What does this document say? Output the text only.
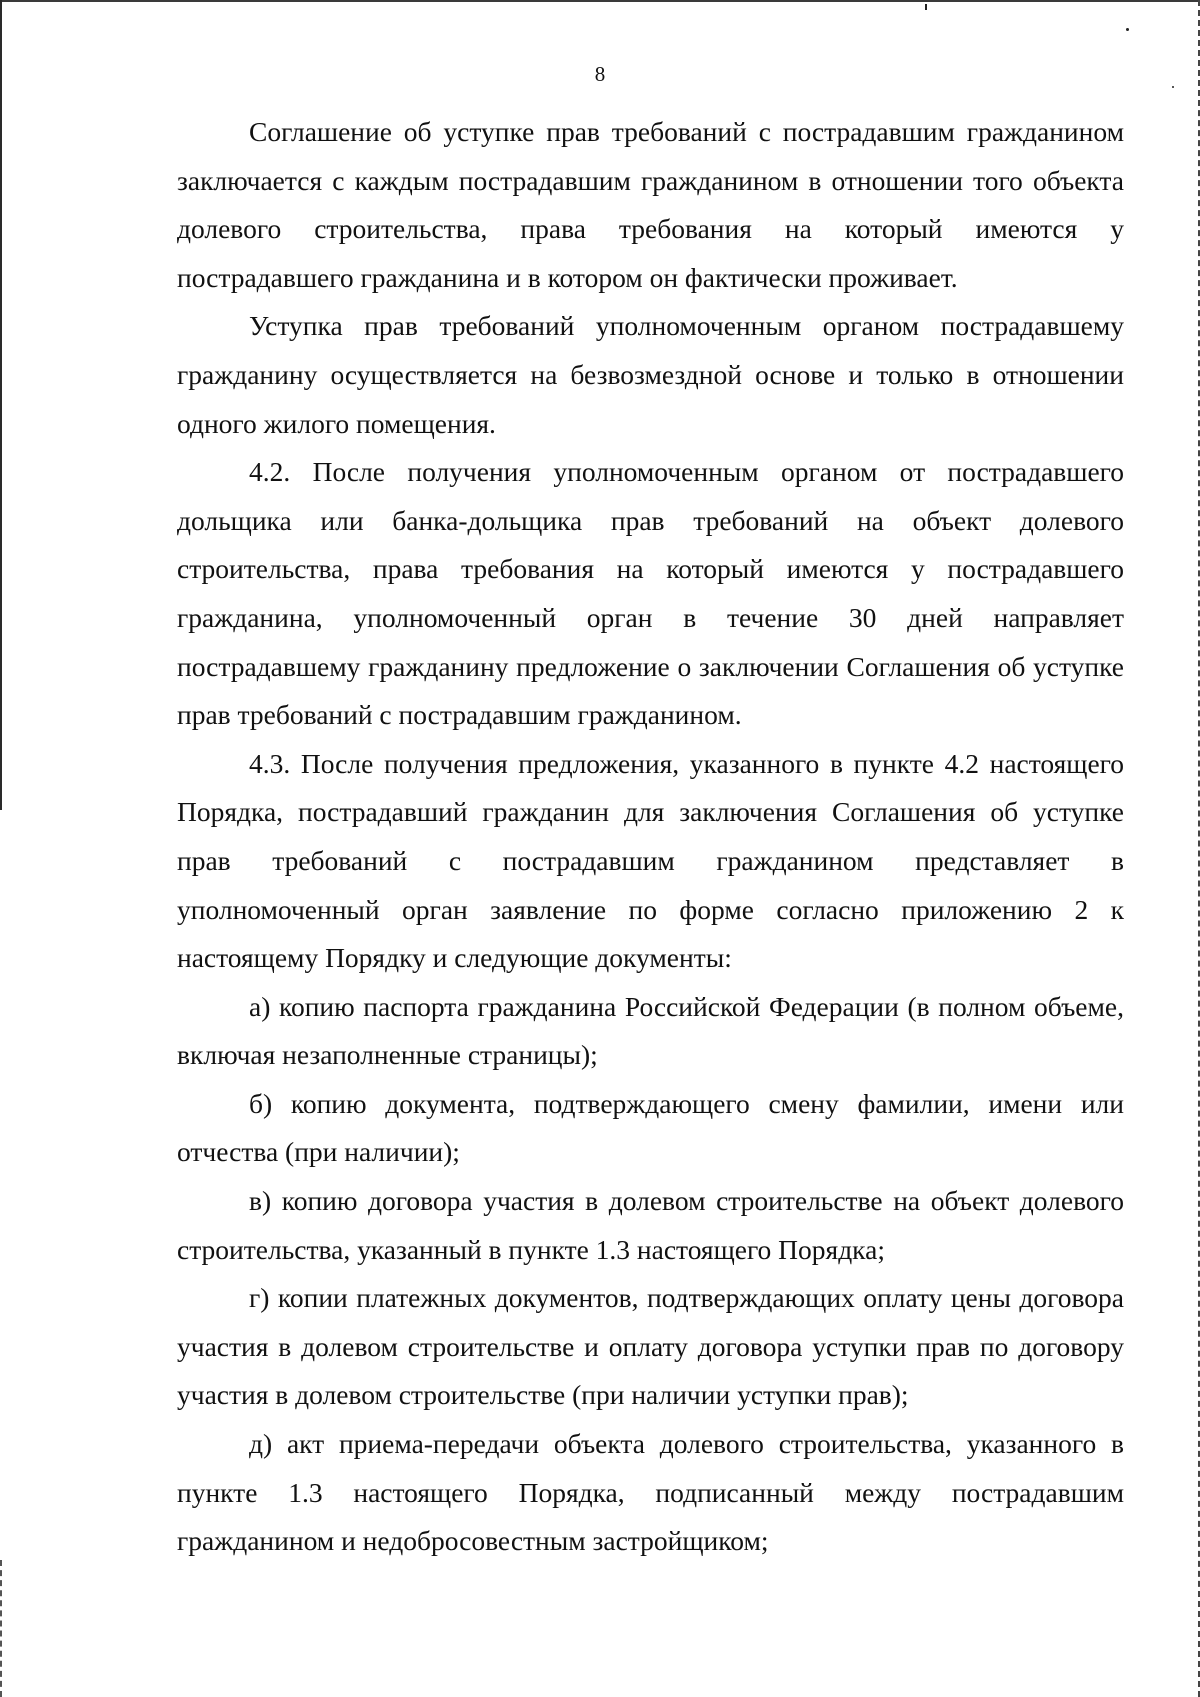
8

Соглашение об уступке прав требований с пострадавшим гражданином заключается с каждым пострадавшим гражданином в отношении того объекта долевого строительства, права требования на который имеются у пострадавшего гражданина и в котором он фактически проживает.

Уступка прав требований уполномоченным органом пострадавшему гражданину осуществляется на безвозмездной основе и только в отношении одного жилого помещения.

4.2. После получения уполномоченным органом от пострадавшего дольщика или банка-дольщика прав требований на объект долевого строительства, права требования на который имеются у пострадавшего гражданина, уполномоченный орган в течение 30 дней направляет пострадавшему гражданину предложение о заключении Соглашения об уступке прав требований с пострадавшим гражданином.

4.3. После получения предложения, указанного в пункте 4.2 настоящего Порядка, пострадавший гражданин для заключения Соглашения об уступке прав требований с пострадавшим гражданином представляет в уполномоченный орган заявление по форме согласно приложению 2 к настоящему Порядку и следующие документы:

а) копию паспорта гражданина Российской Федерации (в полном объеме, включая незаполненные страницы);

б) копию документа, подтверждающего смену фамилии, имени или отчества (при наличии);

в) копию договора участия в долевом строительстве на объект долевого строительства, указанный в пункте 1.3 настоящего Порядка;

г) копии платежных документов, подтверждающих оплату цены договора участия в долевом строительстве и оплату договора уступки прав по договору участия в долевом строительстве (при наличии уступки прав);

д) акт приема-передачи объекта долевого строительства, указанного в пункте 1.3 настоящего Порядка, подписанный между пострадавшим гражданином и недобросовестным застройщиком;
